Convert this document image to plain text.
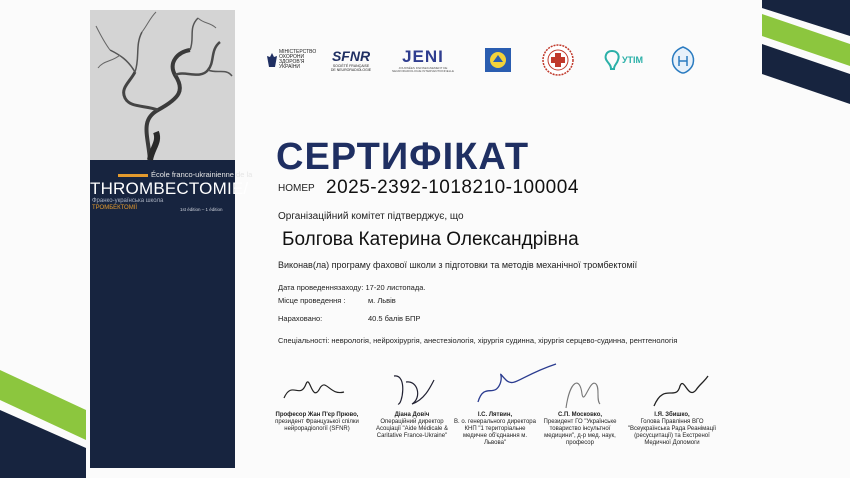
École franco-ukrainienne de la
THROMBECTOMIE/
Франко-українська школа
ТРОМБЕКТОМІЇ	1st édition – 1 édition
МІНІСТЕРСТВО ОХОРОНИ ЗДОРОВ'Я УКРАЇНИ
SFNR
SOCIÉTÉ FRANÇAISE DE NEURORADIOLOGIE
JENI
JOURNÉES D'ENSEIGNEMENT DE NEURORADIOLOGIE INTERVENTIONNELLE
УТІМ
СЕРТИФІКАТ
НОМЕР 2025-2392-1018210-100004
Організаційний комітет підтверджує, що
Болгова Катерина Олександрівна
Виконав(ла) програму фахової школи з підготовки та методів механічної тромбектомії
Дата проведеннязаходу: 17-20 листопада.
Місце проведення :	м. Львів
Нараховано:	40.5 балів БПР
Спеціальності: неврологія, нейрохірургія, анестезіологія, хірургія судинна, хірургія серцево-судинна, рентгенологія
Професор Жан П'єр Прюво,
президент Французької спілки нейрорадіології (SFNR)
Діана Довіч
Операційний директор Асоціації "Aide Médicale & Caritative France-Ukraine"
І.С. Лятвин,
В. о. генерального директора КНП "1 територіальне медичне об'єднання м. Львова"
С.П. Московко,
Президент ГО "Українське товариство інсультної медицини", д-р мед. наук, професор
І.Я. Збишко,
Голова Правління ВГО "Всеукраїнська Рада Реанімації (ресусцитації) та Екстреної Медичної Допомоги
